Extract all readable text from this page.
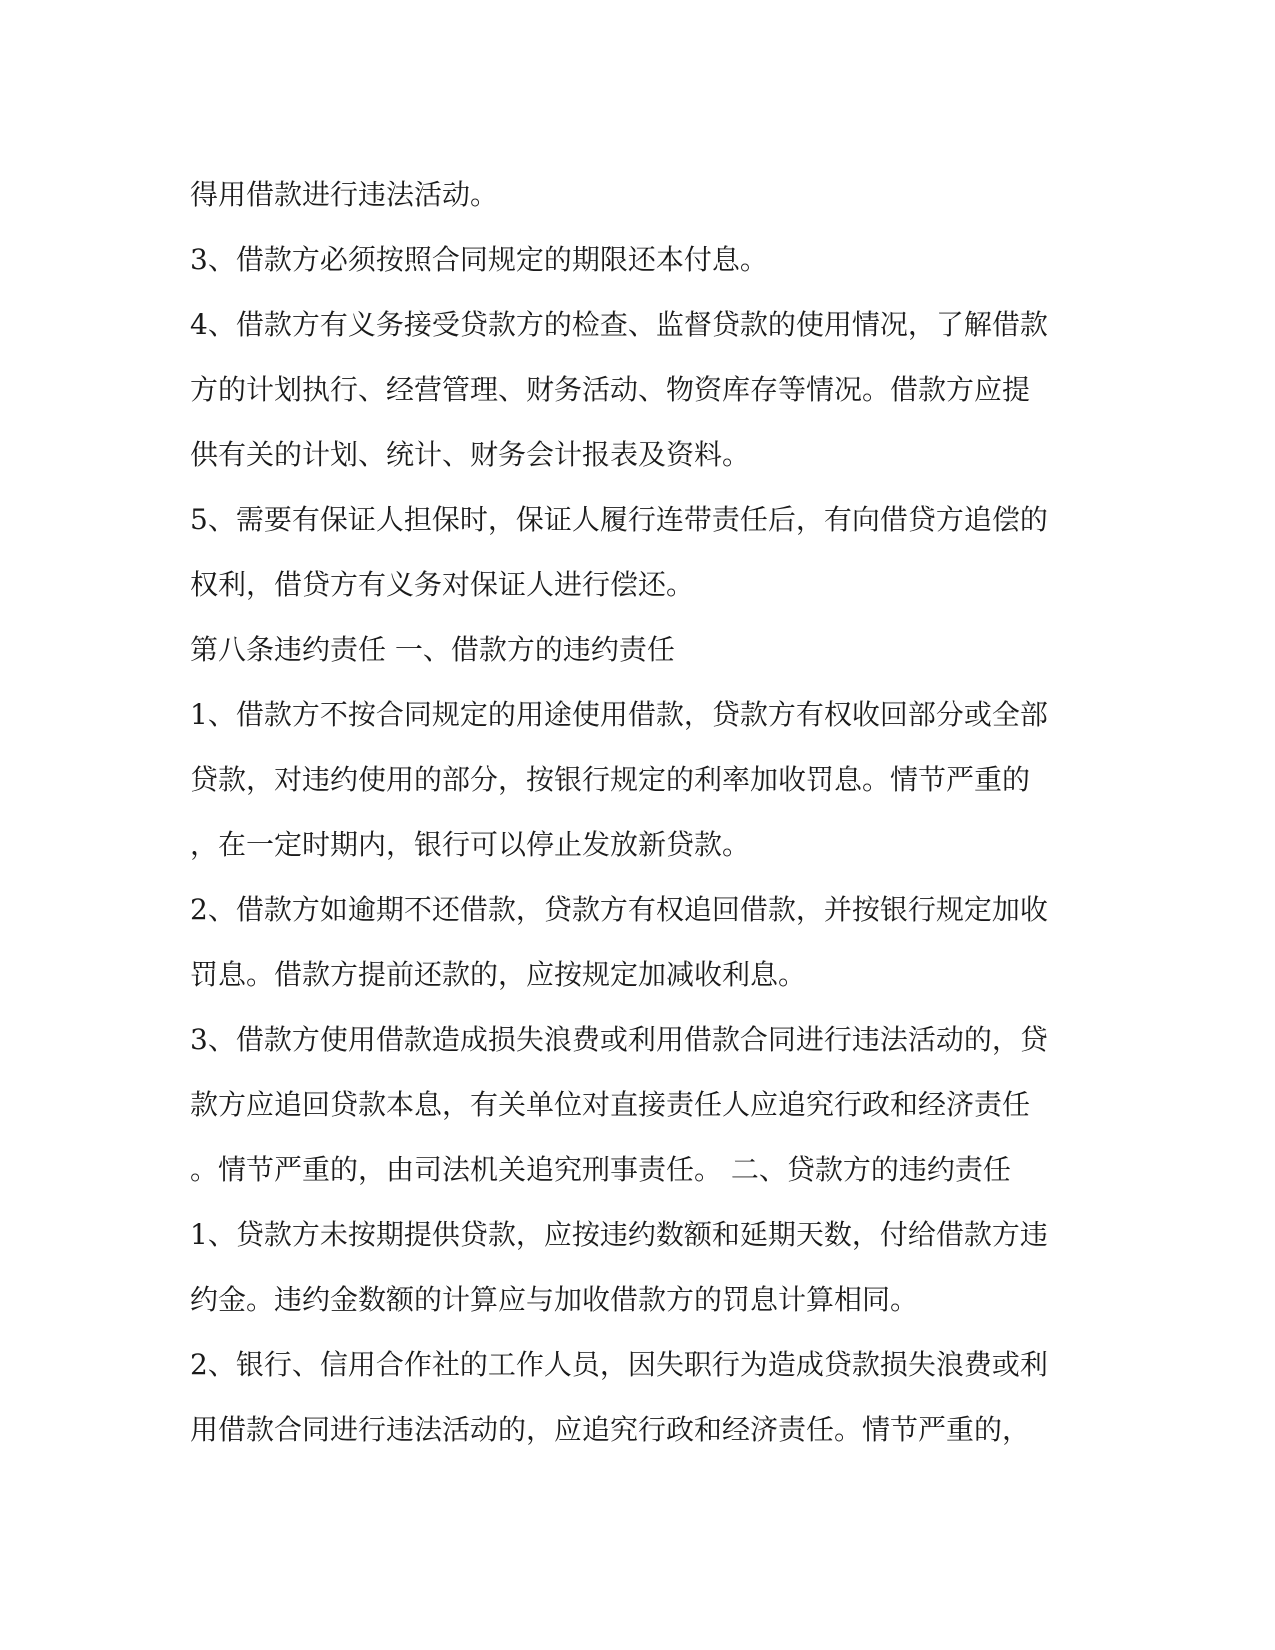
得用借款进行违法活动。
3、借款方必须按照合同规定的期限还本付息。
4、借款方有义务接受贷款方的检查、监督贷款的使用情况，了解借款
方的计划执行、经营管理、财务活动、物资库存等情况。借款方应提
供有关的计划、统计、财务会计报表及资料。
5、需要有保证人担保时，保证人履行连带责任后，有向借贷方追偿的
权利，借贷方有义务对保证人进行偿还。
第八条违约责任 一、借款方的违约责任
1、借款方不按合同规定的用途使用借款，贷款方有权收回部分或全部
贷款，对违约使用的部分，按银行规定的利率加收罚息。情节严重的
，在一定时期内，银行可以停止发放新贷款。
2、借款方如逾期不还借款，贷款方有权追回借款，并按银行规定加收
罚息。借款方提前还款的，应按规定加减收利息。
3、借款方使用借款造成损失浪费或利用借款合同进行违法活动的，贷
款方应追回贷款本息，有关单位对直接责任人应追究行政和经济责任
。情节严重的，由司法机关追究刑事责任。 二、贷款方的违约责任
1、贷款方未按期提供贷款，应按违约数额和延期天数，付给借款方违
约金。违约金数额的计算应与加收借款方的罚息计算相同。
2、银行、信用合作社的工作人员，因失职行为造成贷款损失浪费或利
用借款合同进行违法活动的，应追究行政和经济责任。情节严重的，
